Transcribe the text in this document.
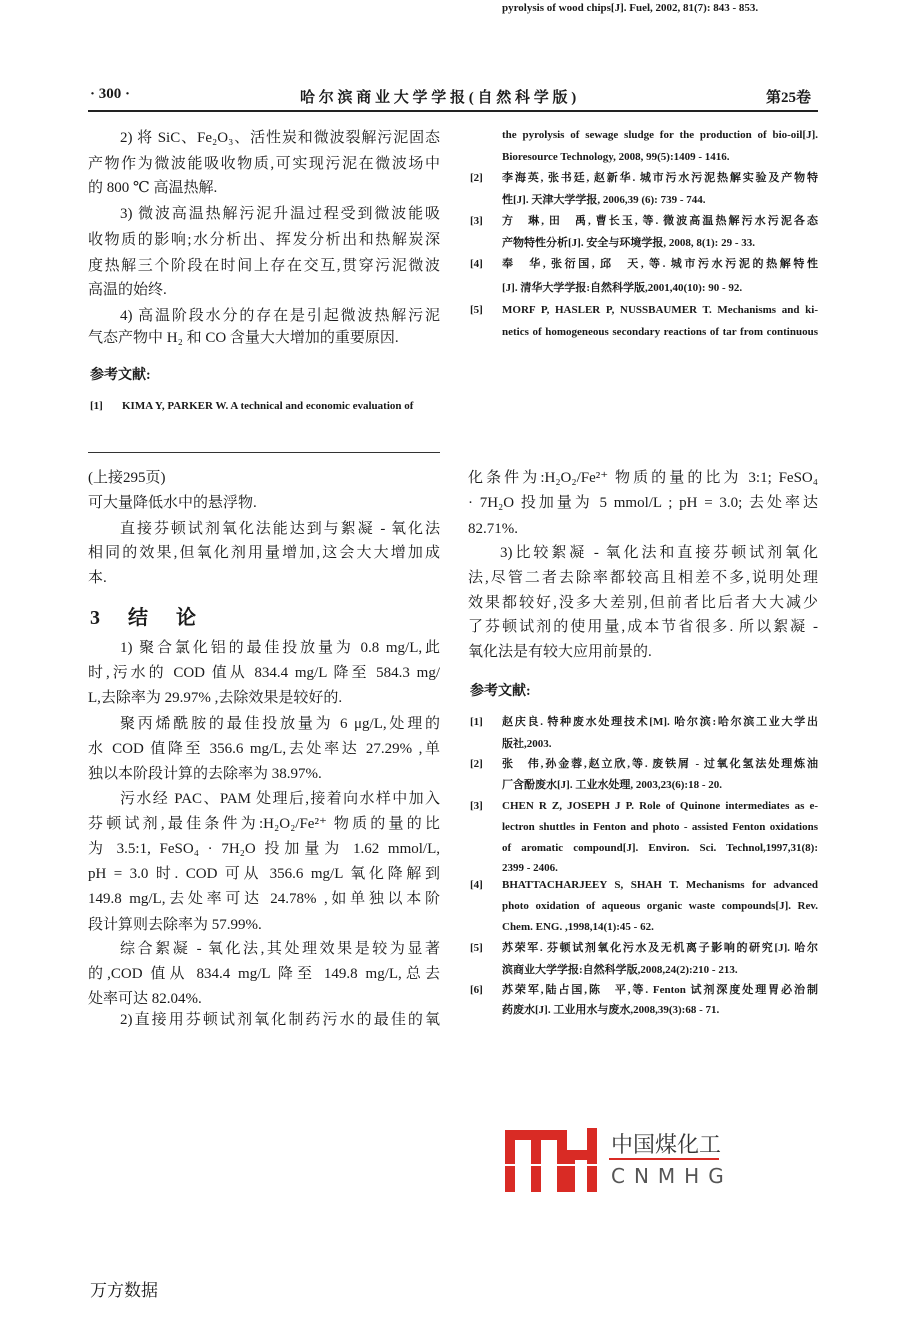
· 300 ·	哈 尔 滨 商 业 大 学 学 报 ( 自 然 科 学 版 )	第25卷
2) 将 SiC、Fe₂O₃、活性炭和微波裂解污泥固态
产物作为微波能吸收物质,可实现污泥在微波场中
的 800 ℃ 高温热解.
3) 微波高温热解污泥升温过程受到微波能吸
收物质的影响;水分析出、挥发分析出和热解炭深
度热解三个阶段在时间上存在交互,贯穿污泥微波
高温的始终.
4) 高温阶段水分的存在是引起微波热解污泥
气态产物中 H₂ 和 CO 含量大大增加的重要原因.
参考文献:
[1] KIMA Y, PARKER W. A technical and economic evaluation of
the pyrolysis of sewage sludge for the production of bio-oil[J].
Bioresource Technology, 2008, 99(5):1409 - 1416.
[2] 李海英, 张书廷, 赵新华. 城市污水污泥热解实验及产物特
性[J]. 天津大学学报, 2006,39 (6): 739 - 744.
[3] 方　琳, 田　禹, 曹长玉, 等. 微波高温热解污水污泥各态
产物特性分析[J]. 安全与环境学报, 2008, 8(1): 29 - 33.
[4] 奉　华, 张衍国, 邱　天, 等. 城市污水污泥的热解特性
[J]. 清华大学学报:自然科学版,2001,40(10): 90 - 92.
[5] MORF P, HASLER P, NUSSBAUMER T. Mechanisms and ki-
netics of homogeneous secondary reactions of tar from continuous
pyrolysis of wood chips[J]. Fuel, 2002, 81(7): 843 - 853.
(上接295页)
可大量降低水中的悬浮物.
直接芬顿试剂氧化法能达到与絮凝 - 氧化法
相同的效果,但氧化剂用量增加,这会大大增加成
本.
3　结　论
1) 聚合氯化铝的最佳投放量为 0.8 mg/L,此
时,污水的 COD 值从 834.4 mg/L 降至 584.3 mg/
L,去除率为 29.97% ,去除效果是较好的.
聚丙烯酰胺的最佳投放量为 6 μg/L,处理的
水 COD 值降至 356.6 mg/L,去处率达 27.29% ,单
独以本阶段计算的去除率为 38.97%.
污水经 PAC、PAM 处理后,接着向水样中加入
芬顿试剂,最佳条件为:H₂O₂/Fe²⁺ 物质的量的比
为 3.5:1, FeSO₄ · 7H₂O 投加量为 1.62 mmol/L,
pH = 3.0 时. COD 可从 356.6 mg/L 氧化降解到
149.8 mg/L,去处率可达 24.78% ,如单独以本阶
段计算则去除率为 57.99%.
综合絮凝 - 氧化法,其处理效果是较为显著
的,COD 值从 834.4 mg/L 降至 149.8 mg/L,总去
处率可达 82.04%.
2)直接用芬顿试剂氧化制药污水的最佳的氧
化条件为:H₂O₂/Fe²⁺ 物质的量的比为 3:1; FeSO₄
· 7H₂O 投加量为 5 mmol/L ; pH = 3.0; 去处率达
82.71%.
3)比较絮凝 - 氧化法和直接芬顿试剂氧化
法,尽管二者去除率都较高且相差不多,说明处理
效果都较好,没多大差别,但前者比后者大大减少
了芬顿试剂的使用量,成本节省很多. 所以絮凝 -
氧化法是有较大应用前景的.
参考文献:
[1] 赵庆良. 特种废水处理技术[M]. 哈尔滨:哈尔滨工业大学出
版社,2003.
[2] 张　伟,孙金蓉,赵立欣,等. 废铁屑 - 过氧化氢法处理炼油
厂含酚废水[J]. 工业水处理, 2003,23(6):18 - 20.
[3] CHEN R Z, JOSEPH J P. Role of Quinone intermediates as e-
lectron shuttles in Fenton and photo - assisted Fenton oxidations
of aromatic compound[J]. Environ. Sci. Technol,1997,31(8):
2399 - 2406.
[4] BHATTACHARJEEY S, SHAH T. Mechanisms for advanced
photo oxidation of aqueous organic waste compounds[J]. Rev.
Chem. ENG. ,1998,14(1):45 - 62.
[5] 苏荣军. 芬顿试剂氧化污水及无机离子影响的研究[J]. 哈尔
滨商业大学学报:自然科学版,2008,24(2):210 - 213.
[6] 苏荣军,陆占国,陈　平,等. Fenton 试剂深度处理胃必治制
药废水[J]. 工业用水与废水,2008,39(3):68 - 71.
中国煤化工
CNMHG
万方数据
